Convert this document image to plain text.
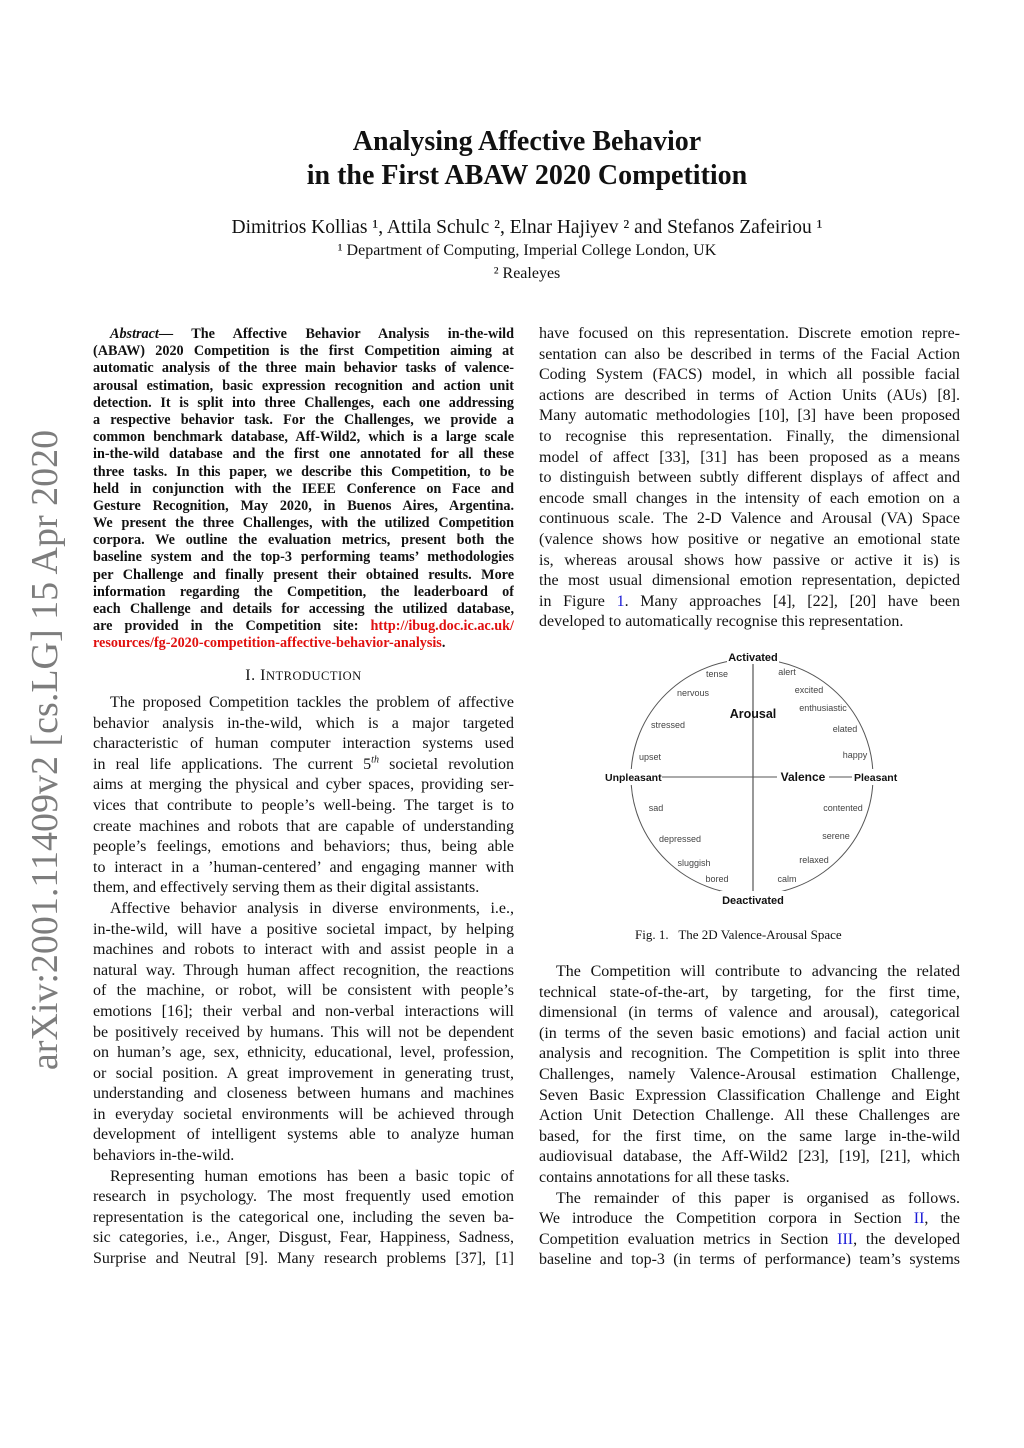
arXiv:2001.11409v2 [cs.LG] 15 Apr 2020
Analysing Affective Behavior
in the First ABAW 2020 Competition
Dimitrios Kollias ¹, Attila Schulc ², Elnar Hajiyev ² and Stefanos Zafeiriou ¹
¹ Department of Computing, Imperial College London, UK
² Realeyes
Abstract— The Affective Behavior Analysis in-the-wild
(ABAW) 2020 Competition is the first Competition aiming at
automatic analysis of the three main behavior tasks of valence-
arousal estimation, basic expression recognition and action unit
detection. It is split into three Challenges, each one addressing
a respective behavior task. For the Challenges, we provide a
common benchmark database, Aff-Wild2, which is a large scale
in-the-wild database and the first one annotated for all these
three tasks. In this paper, we describe this Competition, to be
held in conjunction with the IEEE Conference on Face and
Gesture Recognition, May 2020, in Buenos Aires, Argentina.
We present the three Challenges, with the utilized Competition
corpora. We outline the evaluation metrics, present both the
baseline system and the top-3 performing teams’ methodologies
per Challenge and finally present their obtained results. More
information regarding the Competition, the leaderboard of
each Challenge and details for accessing the utilized database,
are provided in the Competition site: http://ibug.doc.ic.ac.uk/
resources/fg-2020-competition-affective-behavior-analysis.
I. INTRODUCTION
The proposed Competition tackles the problem of affective
behavior analysis in-the-wild, which is a major targeted
characteristic of human computer interaction systems used
in real life applications. The current 5th societal revolution
aims at merging the physical and cyber spaces, providing ser-
vices that contribute to people’s well-being. The target is to
create machines and robots that are capable of understanding
people’s feelings, emotions and behaviors; thus, being able
to interact in a ’human-centered’ and engaging manner with
them, and effectively serving them as their digital assistants.
Affective behavior analysis in diverse environments, i.e.,
in-the-wild, will have a positive societal impact, by helping
machines and robots to interact with and assist people in a
natural way. Through human affect recognition, the reactions
of the machine, or robot, will be consistent with people’s
emotions [16]; their verbal and non-verbal interactions will
be positively received by humans. This will not be dependent
on human’s age, sex, ethnicity, educational, level, profession,
or social position. A great improvement in generating trust,
understanding and closeness between humans and machines
in everyday societal environments will be achieved through
development of intelligent systems able to analyze human
behaviors in-the-wild.
Representing human emotions has been a basic topic of
research in psychology. The most frequently used emotion
representation is the categorical one, including the seven ba-
sic categories, i.e., Anger, Disgust, Fear, Happiness, Sadness,
Surprise and Neutral [9]. Many research problems [37], [1]
have focused on this representation. Discrete emotion repre-
sentation can also be described in terms of the Facial Action
Coding System (FACS) model, in which all possible facial
actions are described in terms of Action Units (AUs) [8].
Many automatic methodologies [10], [3] have been proposed
to recognise this representation. Finally, the dimensional
model of affect [33], [31] has been proposed as a means
to distinguish between subtly different displays of affect and
encode small changes in the intensity of each emotion on a
continuous scale. The 2-D Valence and Arousal (VA) Space
(valence shows how positive or negative an emotional state
is, whereas arousal shows how passive or active it is) is
the most usual dimensional emotion representation, depicted
in Figure 1. Many approaches [4], [22], [20] have been
developed to automatically recognise this representation.
Activated
Deactivated
Unpleasant	Pleasant
Arousal
Valence
tense	alert
nervous	excited
enthusiastic
stressed	elated
upset	happy
sad	contented
depressed	serene
sluggish	relaxed
bored	calm
Fig. 1. The 2D Valence-Arousal Space
The Competition will contribute to advancing the related
technical state-of-the-art, by targeting, for the first time,
dimensional (in terms of valence and arousal), categorical
(in terms of the seven basic emotions) and facial action unit
analysis and recognition. The Competition is split into three
Challenges, namely Valence-Arousal estimation Challenge,
Seven Basic Expression Classification Challenge and Eight
Action Unit Detection Challenge. All these Challenges are
based, for the first time, on the same large in-the-wild
audiovisual database, the Aff-Wild2 [23], [19], [21], which
contains annotations for all these tasks.
The remainder of this paper is organised as follows.
We introduce the Competition corpora in Section II, the
Competition evaluation metrics in Section III, the developed
baseline and top-3 (in terms of performance) team’s systems
